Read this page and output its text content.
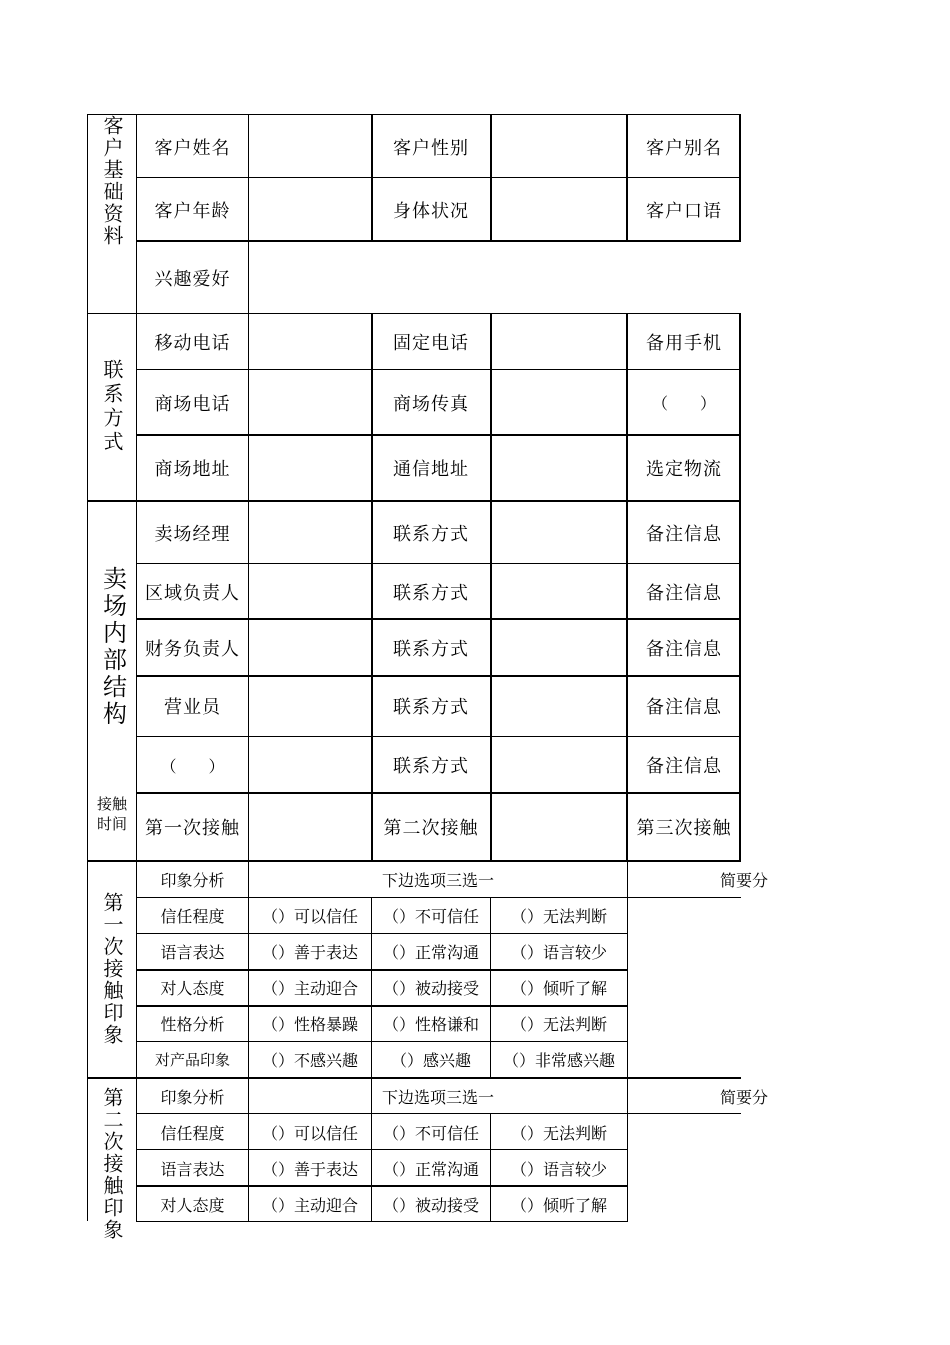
客户基础资料	客户姓名	客户性别	客户别名
客户年龄	身体状况	客户口语
兴趣爱好
联系方式
移动电话	固定电话	备用手机
商场电话	商场传真	（　　）
商场地址	通信地址	选定物流
卖场内部结构
卖场经理	联系方式	备注信息
区域负责人	联系方式	备注信息
财务负责人	联系方式	备注信息
营业员	联系方式	备注信息
（　　）	联系方式	备注信息
接触时间	第一次接触	第二次接触	第三次接触
第一次接触印象
印象分析	下边选项三选一	简要分
信任程度	（）可以信任	（）不可信任	（）无法判断
语言表达	（）善于表达	（）正常沟通	（）语言较少
对人态度	（）主动迎合	（）被动接受	（）倾听了解
性格分析	（）性格暴躁	（）性格谦和	（）无法判断
对产品印象	（）不感兴趣	（）感兴趣	（）非常感兴趣
第二次接触印象	印象分析	下边选项三选一	简要分
信任程度	（）可以信任	（）不可信任	（）无法判断
语言表达	（）善于表达	（）正常沟通	（）语言较少
对人态度	（）主动迎合	（）被动接受	（）倾听了解
